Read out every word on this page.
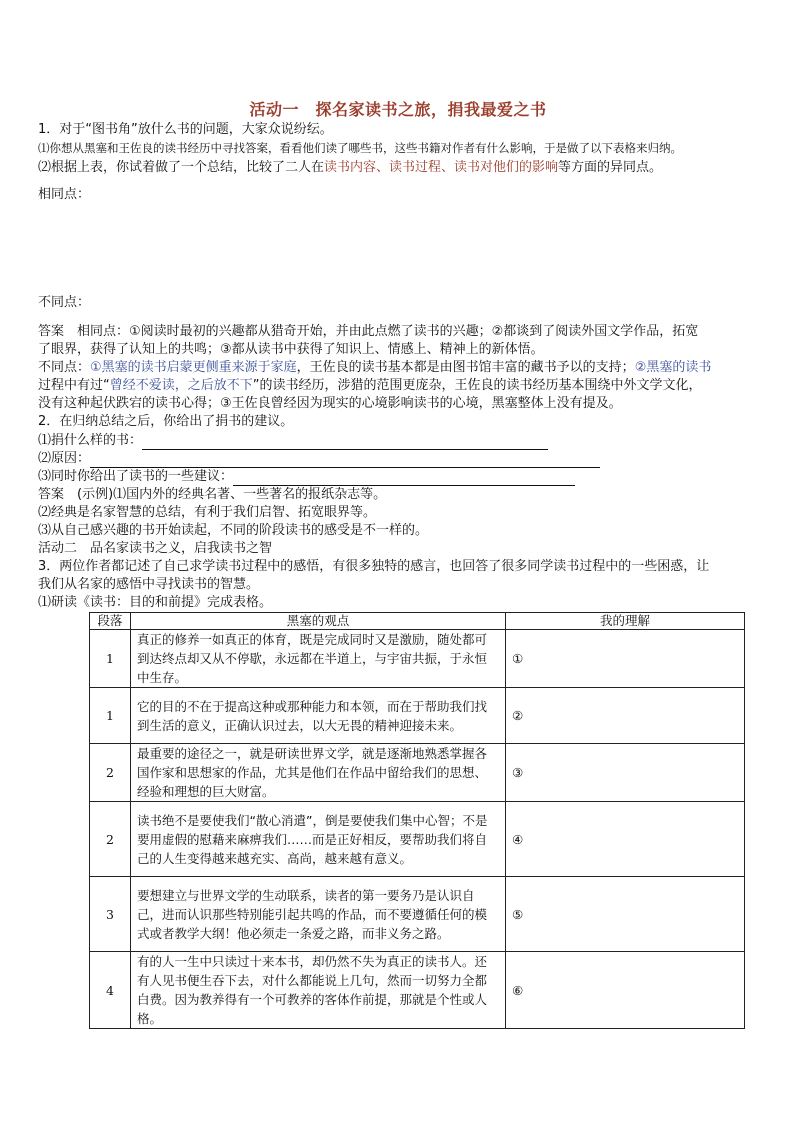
活动一　探名家读书之旅，捐我最爱之书
1．对于“图书角”放什么书的问题，大家众说纷纭。
⑴你想从黑塞和王佐良的读书经历中寻找答案，看看他们读了哪些书，这些书籍对作者有什么影响，于是做了以下表格来归纳。
⑵根据上表，你试着做了一个总结，比较了二人在读书内容、读书过程、读书对他们的影响等方面的异同点。
相同点：
不同点：
答案　相同点：①阅读时最初的兴趣都从猎奇开始，并由此点燃了读书的兴趣；②都谈到了阅读外国文学作品，拓宽
了眼界，获得了认知上的共鸣；③都从读书中获得了知识上、情感上、精神上的新体悟。
不同点：①黑塞的读书启蒙更侧重来源于家庭，王佐良的读书基本都是由图书馆丰富的藏书予以的支持；②黑塞的读书
过程中有过“曾经不爱读，之后放不下”的读书经历，涉猎的范围更庞杂，王佐良的读书经历基本围绕中外文学文化，
没有这种起伏跌宕的读书心得；③王佐良曾经因为现实的心境影响读书的心境，黑塞整体上没有提及。
2．在归纳总结之后，你给出了捐书的建议。
⑴捐什么样的书：
⑵原因：
⑶同时你给出了读书的一些建议：
答案　(示例)⑴国内外的经典名著、一些著名的报纸杂志等。
⑵经典是名家智慧的总结，有利于我们启智、拓宽眼界等。
⑶从自己感兴趣的书开始读起，不同的阶段读书的感受是不一样的。
活动二　品名家读书之义，启我读书之智
3．两位作者都记述了自己求学读书过程中的感悟，有很多独特的感言，也回答了很多同学读书过程中的一些困惑，让
我们从名家的感悟中寻找读书的智慧。
⑴研读《读书：目的和前提》完成表格。
段落	黑塞的观点	我的理解
1	真正的修养一如真正的体育，既是完成同时又是激励，随处都可到达终点却又从不停歇，永远都在半道上，与宇宙共振，于永恒中生存。	①
1	它的目的不在于提高这种或那种能力和本领，而在于帮助我们找到生活的意义，正确认识过去，以大无畏的精神迎接未来。	②
2	最重要的途径之一，就是研读世界文学，就是逐渐地熟悉掌握各国作家和思想家的作品，尤其是他们在作品中留给我们的思想、经验和理想的巨大财富。	③
2	读书绝不是要使我们“散心消遣”，倒是要使我们集中心智；不是要用虚假的慰藉来麻痹我们……而是正好相反，要帮助我们将自己的人生变得越来越充实、高尚，越来越有意义。	④
3	要想建立与世界文学的生动联系，读者的第一要务乃是认识自己，进而认识那些特别能引起共鸣的作品，而不要遵循任何的模式或者教学大纲！他必须走一条爱之路，而非义务之路。	⑤
4	有的人一生中只读过十来本书，却仍然不失为真正的读书人。还有人见书便生吞下去，对什么都能说上几句，然而一切努力全都白费。因为教养得有一个可教养的客体作前提，那就是个性或人格。	⑥
